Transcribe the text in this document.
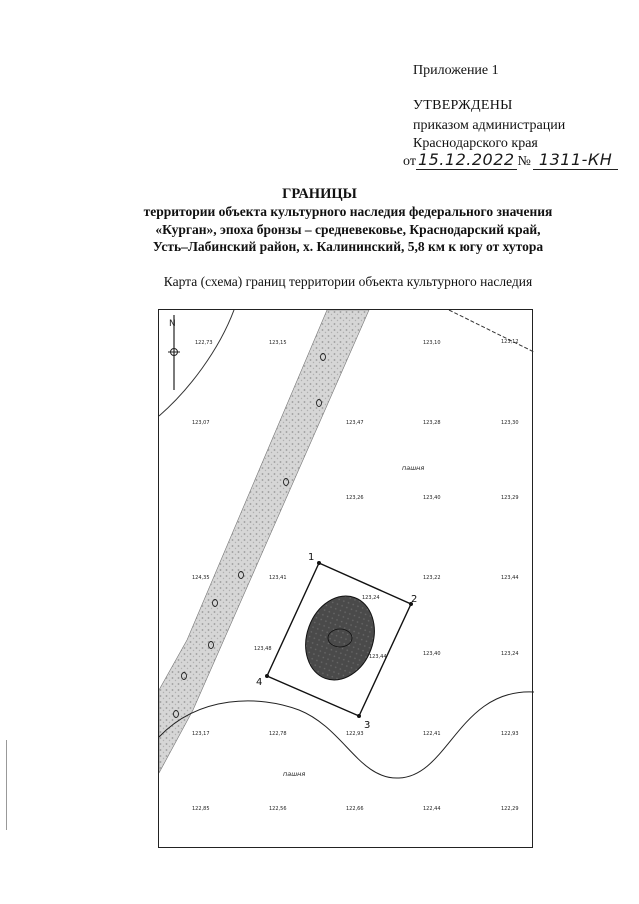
Приложение 1
УТВЕРЖДЕНЫ
приказом администрации
Краснодарского края
от 15.12.2022 № 1311-КН
ГРАНИЦЫ
территории объекта культурного наследия федерального значения
«Курган», эпоха бронзы – средневековье, Краснодарский край,
Усть–Лабинский район, х. Калининский, 5,8 км к югу от хутора
Карта (схема) границ территории объекта культурного наследия
N
122,73	123,15	123,10	123,12
123,07	123,47	123,28	123,30
123,26	123,40	123,29
124,35	123,41
123,24
123,22	123,44
123,48
123,44	123,40	123,24
123,17	122,78	122,93	122,41	122,93
122,85	122,56	122,66	122,44	122,29
пашня
пашня
1
2
3
4
